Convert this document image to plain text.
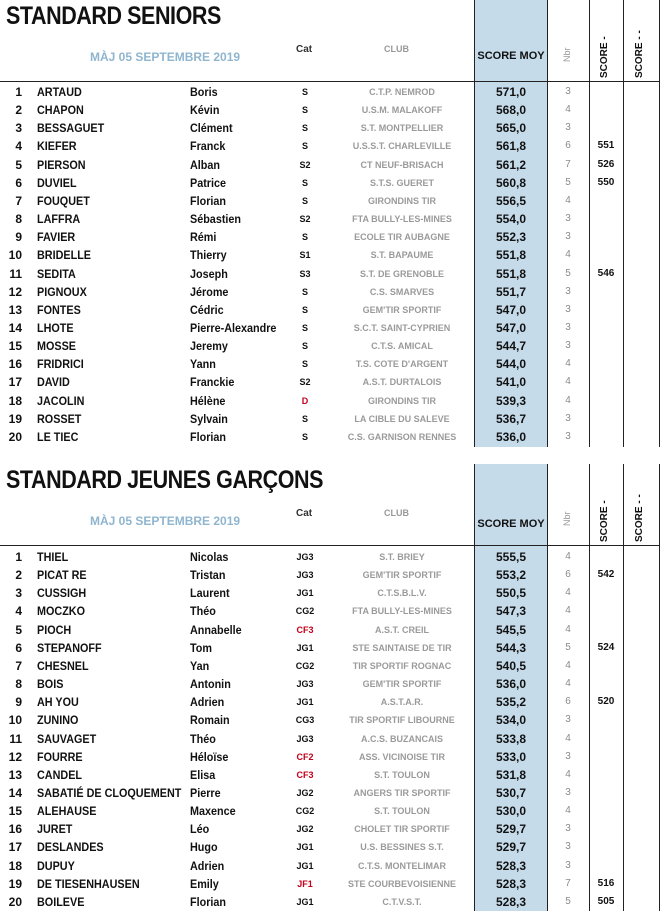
STANDARD SENIORS
MÀJ 05 SEPTEMBRE 2019
Cat	CLUB
SCORE MOY Nbr	SCORE - SCORE - -
1 ARTAUD	Boris	S	C.T.P. NEMROD	571,0	3
2 CHAPON	Kévin	S	U.S.M. MALAKOFF	568,0	4
3 BESSAGUET	Clément	S	S.T. MONTPELLIER	565,0	3
4 KIEFER	Franck	S	U.S.S.T. CHARLEVILLE	561,8	6	551
5 PIERSON	Alban	S2	CT NEUF-BRISACH	561,2	7	526
6 DUVIEL	Patrice	S	S.T.S. GUERET	560,8	5	550
7 FOUQUET	Florian	S	GIRONDINS TIR	556,5	4
8 LAFFRA	Sébastien	S2	FTA BULLY-LES-MINES	554,0	3
9 FAVIER	Rémi	S	ECOLE TIR AUBAGNE	552,3	3
10 BRIDELLE	Thierry	S1	S.T. BAPAUME	551,8	4
11 SEDITA	Joseph	S3	S.T. DE GRENOBLE	551,8	5	546
12 PIGNOUX	Jérome	S	C.S. SMARVES	551,7	3
13 FONTES	Cédric	S	GEM'TIR SPORTIF	547,0	3
14 LHOTE	Pierre-Alexandre	S	S.C.T. SAINT-CYPRIEN	547,0	3
15 MOSSE	Jeremy	S	C.T.S. AMICAL	544,7	3
16 FRIDRICI	Yann	S	T.S. COTE D'ARGENT	544,0	4
17 DAVID	Franckie	S2	A.S.T. DURTALOIS	541,0	4
18 JACOLIN	Hélène	D	GIRONDINS TIR	539,3	4
19 ROSSET	Sylvain	S	LA CIBLE DU SALEVE	536,7	3
20 LE TIEC	Florian	S	C.S. GARNISON RENNES	536,0	3
STANDARD JEUNES GARÇONS
MÀJ 05 SEPTEMBRE 2019
Cat	CLUB
SCORE MOY Nbr	SCORE - SCORE - -
1 THIEL	Nicolas	JG3	S.T. BRIEY	555,5	4
2 PICAT RE	Tristan	JG3	GEM'TIR SPORTIF	553,2	6	542
3 CUSSIGH	Laurent	JG1	C.T.S.B.L.V.	550,5	4
4 MOCZKO	Théo	CG2	FTA BULLY-LES-MINES	547,3	4
5 PIOCH	Annabelle	CF3	A.S.T. CREIL	545,5	4
6 STEPANOFF	Tom	JG1	STE SAINTAISE DE TIR	544,3	5	524
7 CHESNEL	Yan	CG2	TIR SPORTIF ROGNAC	540,5	4
8 BOIS	Antonin	JG3	GEM'TIR SPORTIF	536,0	4
9 AH YOU	Adrien	JG1	A.S.T.A.R.	535,2	6	520
10 ZUNINO	Romain	CG3	TIR SPORTIF LIBOURNE	534,0	3
11 SAUVAGET	Théo	JG3	A.C.S. BUZANCAIS	533,8	4
12 FOURRE	Héloïse	CF2	ASS. VICINOISE TIR	533,0	3
13 CANDEL	Elisa	CF3	S.T. TOULON	531,8	4
14 SABATIÉ DE CLOQUEMENT Pierre	JG2	ANGERS TIR SPORTIF	530,7	3
15 ALEHAUSE	Maxence	CG2	S.T. TOULON	530,0	4
16 JURET	Léo	JG2	CHOLET TIR SPORTIF	529,7	3
17 DESLANDES	Hugo	JG1	U.S. BESSINES S.T.	529,7	3
18 DUPUY	Adrien	JG1	C.T.S. MONTELIMAR	528,3	3
19 DE TIESENHAUSEN	Emily	JF1	STE COURBEVOISIENNE	528,3	7	516
20 BOILEVE	Florian	JG1	C.T.V.S.T.	528,3	5	505
